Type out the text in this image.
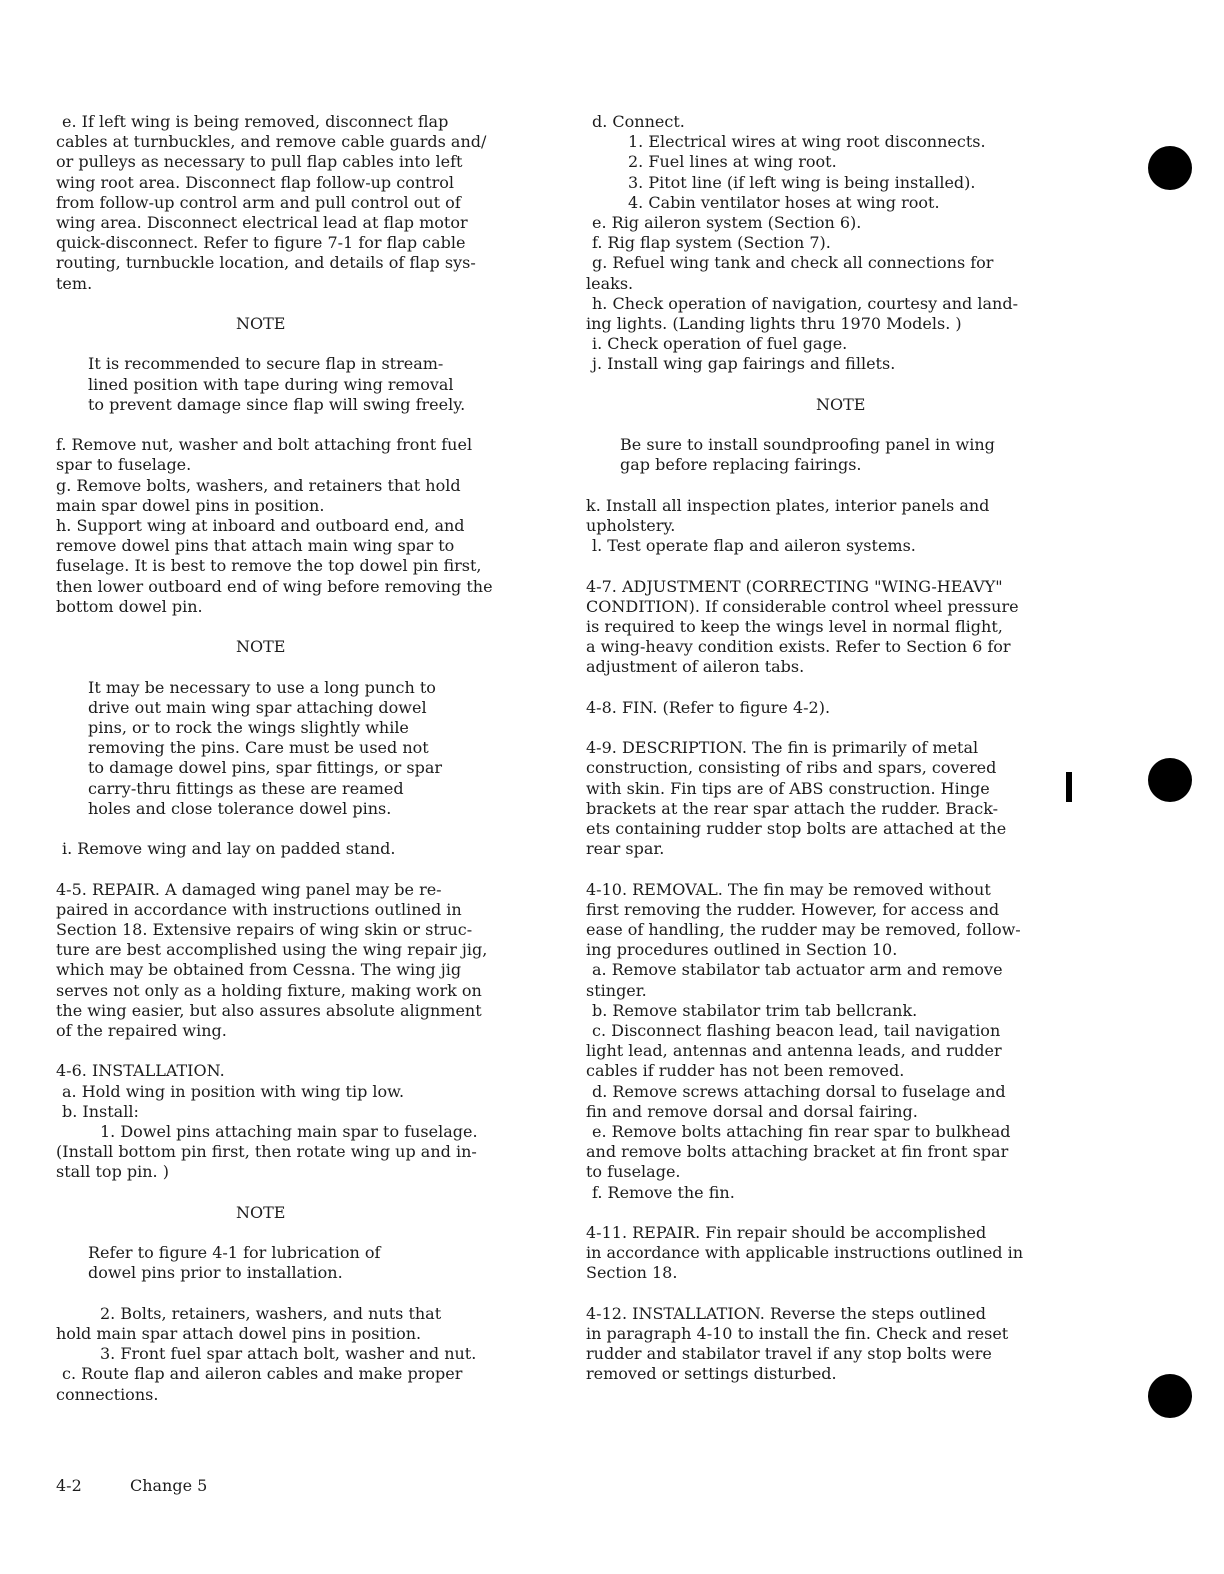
e. If left wing is being removed, disconnect flap

cables at turnbuckles, and remove cable guards and/

or pulleys as necessary to pull flap cables into left

wing root area. Disconnect flap follow-up control

from follow-up control arm and pull control out of

wing area. Disconnect electrical lead at flap motor

quick-disconnect. Refer to figure 7-1 for flap cable

routing, turnbuckle location, and details of flap sys-

tem.

NOTE

It is recommended to secure flap in stream-

lined position with tape during wing removal

to prevent damage since flap will swing freely.

f. Remove nut, washer and bolt attaching front fuel

spar to fuselage.

g. Remove bolts, washers, and retainers that hold

main spar dowel pins in position.

h. Support wing at inboard and outboard end, and

remove dowel pins that attach main wing spar to

fuselage. It is best to remove the top dowel pin first,

then lower outboard end of wing before removing the

bottom dowel pin.

NOTE

It may be necessary to use a long punch to

drive out main wing spar attaching dowel

pins, or to rock the wings slightly while

removing the pins. Care must be used not

to damage dowel pins, spar fittings, or spar

carry-thru fittings as these are reamed

holes and close tolerance dowel pins.

i. Remove wing and lay on padded stand.

4-5. REPAIR. A damaged wing panel may be re-

paired in accordance with instructions outlined in

Section 18. Extensive repairs of wing skin or struc-

ture are best accomplished using the wing repair jig,

which may be obtained from Cessna. The wing jig

serves not only as a holding fixture, making work on

the wing easier, but also assures absolute alignment

of the repaired wing.

4-6. INSTALLATION.

a. Hold wing in position with wing tip low.

b. Install:

1. Dowel pins attaching main spar to fuselage.

(Install bottom pin first, then rotate wing up and in-

stall top pin. )

NOTE

Refer to figure 4-1 for lubrication of

dowel pins prior to installation.

2. Bolts, retainers, washers, and nuts that

hold main spar attach dowel pins in position.

3. Front fuel spar attach bolt, washer and nut.

c. Route flap and aileron cables and make proper

connections.

d. Connect.

1. Electrical wires at wing root disconnects.

2. Fuel lines at wing root.

3. Pitot line (if left wing is being installed).

4. Cabin ventilator hoses at wing root.

e. Rig aileron system (Section 6).

f. Rig flap system (Section 7).

g. Refuel wing tank and check all connections for

leaks.

h. Check operation of navigation, courtesy and land-

ing lights. (Landing lights thru 1970 Models. )

i. Check operation of fuel gage.

j. Install wing gap fairings and fillets.

NOTE

Be sure to install soundproofing panel in wing

gap before replacing fairings.

k. Install all inspection plates, interior panels and

upholstery.

l. Test operate flap and aileron systems.

4-7. ADJUSTMENT (CORRECTING "WING-HEAVY"

CONDITION). If considerable control wheel pressure

is required to keep the wings level in normal flight,

a wing-heavy condition exists. Refer to Section 6 for

adjustment of aileron tabs.

4-8. FIN. (Refer to figure 4-2).

4-9. DESCRIPTION. The fin is primarily of metal

construction, consisting of ribs and spars, covered

with skin. Fin tips are of ABS construction. Hinge

brackets at the rear spar attach the rudder. Brack-

ets containing rudder stop bolts are attached at the

rear spar.

4-10. REMOVAL. The fin may be removed without

first removing the rudder. However, for access and

ease of handling, the rudder may be removed, follow-

ing procedures outlined in Section 10.

a. Remove stabilator tab actuator arm and remove

stinger.

b. Remove stabilator trim tab bellcrank.

c. Disconnect flashing beacon lead, tail navigation

light lead, antennas and antenna leads, and rudder

cables if rudder has not been removed.

d. Remove screws attaching dorsal to fuselage and

fin and remove dorsal and dorsal fairing.

e. Remove bolts attaching fin rear spar to bulkhead

and remove bolts attaching bracket at fin front spar

to fuselage.

f. Remove the fin.

4-11. REPAIR. Fin repair should be accomplished

in accordance with applicable instructions outlined in

Section 18.

4-12. INSTALLATION. Reverse the steps outlined

in paragraph 4-10 to install the fin. Check and reset

rudder and stabilator travel if any stop bolts were

removed or settings disturbed.

4-2	Change 5
